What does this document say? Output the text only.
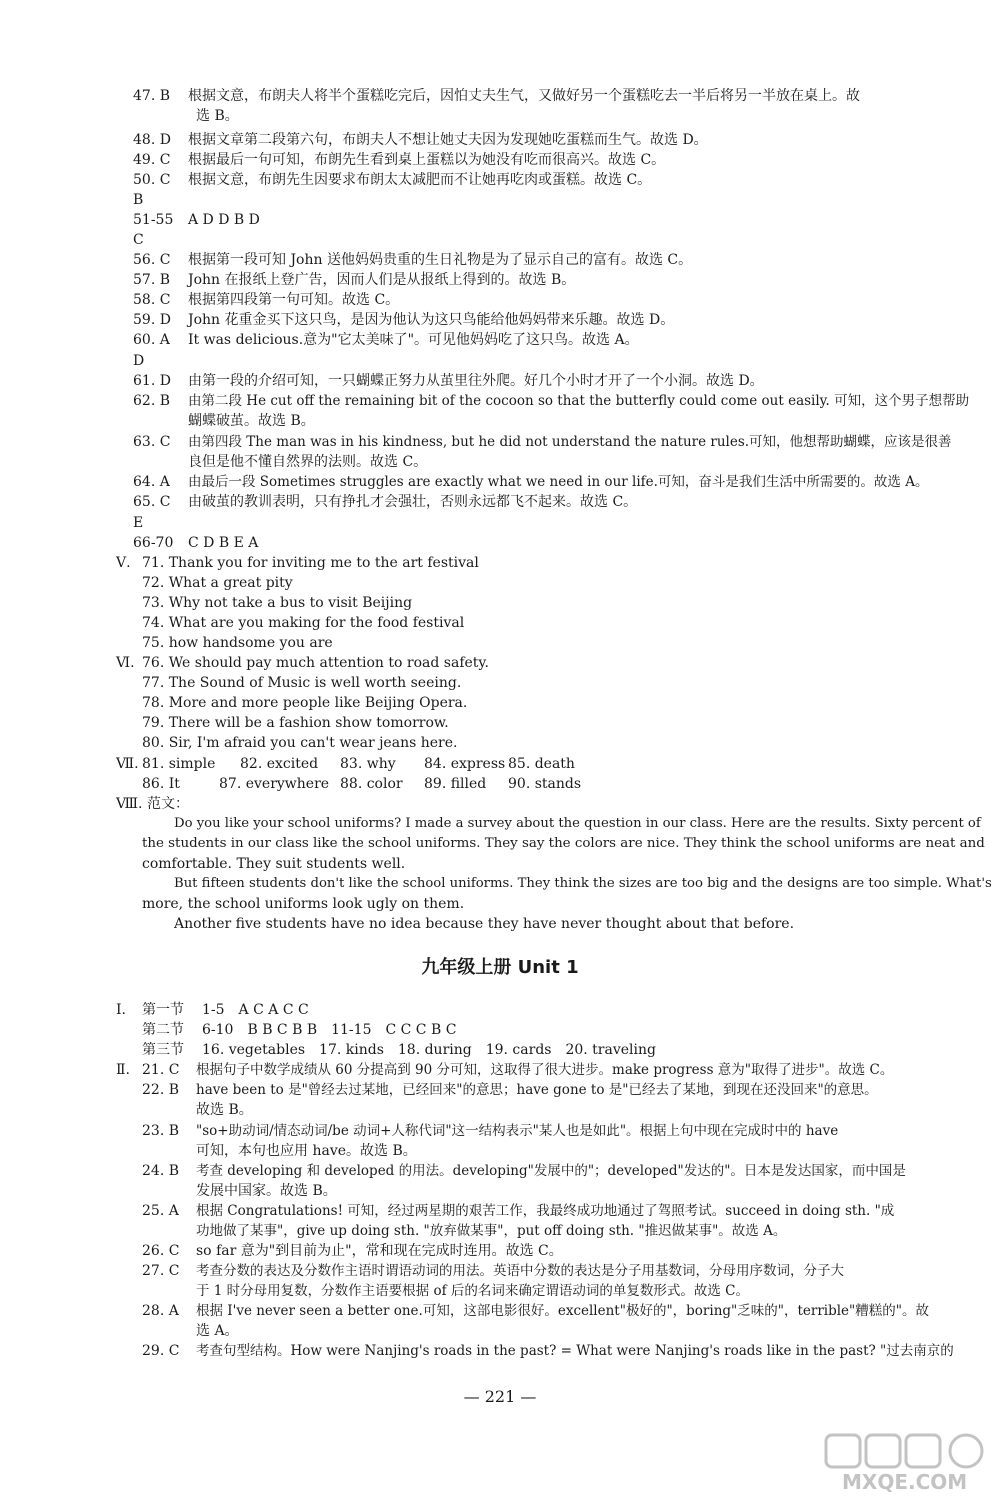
47. B	根据文意，布朗夫人将半个蛋糕吃完后，因怕丈夫生气，又做好另一个蛋糕吃去一半后将另一半放在桌上。故
选 B。
48. D	根据文章第二段第六句，布朗夫人不想让她丈夫因为发现她吃蛋糕而生气。故选 D。
49. C	根据最后一句可知，布朗先生看到桌上蛋糕以为她没有吃而很高兴。故选 C。
50. C	根据文意，布朗先生因要求布朗太太减肥而不让她再吃肉或蛋糕。故选 C。
B
51-55	A D D B D
C
56. C	根据第一段可知 John 送他妈妈贵重的生日礼物是为了显示自己的富有。故选 C。
57. B	John 在报纸上登广告，因而人们是从报纸上得到的。故选 B。
58. C	根据第四段第一句可知。故选 C。
59. D	John 花重金买下这只鸟，是因为他认为这只鸟能给他妈妈带来乐趣。故选 D。
60. A	It was delicious.意为"它太美味了"。可见他妈妈吃了这只鸟。故选 A。
D
61. D	由第一段的介绍可知，一只蝴蝶正努力从茧里往外爬。好几个小时才开了一个小洞。故选 D。
62. B	由第二段 He cut off the remaining bit of the cocoon so that the butterfly could come out easily. 可知，这个男子想帮助
蝴蝶破茧。故选 B。
63. C	由第四段 The man was in his kindness, but he did not understand the nature rules.可知，他想帮助蝴蝶，应该是很善
良但是他不懂自然界的法则。故选 C。
64. A	由最后一段 Sometimes struggles are exactly what we need in our life.可知，奋斗是我们生活中所需要的。故选 A。
65. C	由破茧的教训表明，只有挣扎才会强壮，否则永远都飞不起来。故选 C。
E
66-70	C D B E A
Ⅴ. 71. Thank you for inviting me to the art festival
72. What a great pity
73. Why not take a bus to visit Beijing
74. What are you making for the food festival
75. how handsome you are
Ⅵ. 76. We should pay much attention to road safety.
77. The Sound of Music is well worth seeing.
78. More and more people like Beijing Opera.
79. There will be a fashion show tomorrow.
80. Sir, I'm afraid you can't wear jeans here.
Ⅶ. 81. simple 82. excited 83. why 84. express 85. death
86. It	87. everywhere 88. color 89. filled 90. stands
Ⅷ. 范文：
Do you like your school uniforms? I made a survey about the question in our class. Here are the results. Sixty percent of
the students in our class like the school uniforms. They say the colors are nice. They think the school uniforms are neat and
comfortable. They suit students well.
But fifteen students don't like the school uniforms. They think the sizes are too big and the designs are too simple. What's
more, the school uniforms look ugly on them.
Another five students have no idea because they have never thought about that before.
九年级上册 Unit 1
Ⅰ. 第一节 1-5　A C A C C
第二节 6-10　B B C B B　11-15　C C C B C
第三节 16. vegetables　17. kinds　18. during　19. cards　20. traveling
Ⅱ. 21. C	根据句子中数学成绩从 60 分提高到 90 分可知，这取得了很大进步。make progress 意为"取得了进步"。故选 C。
22. B	have been to 是"曾经去过某地，已经回来"的意思；have gone to 是"已经去了某地，到现在还没回来"的意思。
故选 B。
23. B	"so+助动词/情态动词/be 动词+人称代词"这一结构表示"某人也是如此"。根据上句中现在完成时中的 have
可知，本句也应用 have。故选 B。
24. B	考查 developing 和 developed 的用法。developing"发展中的"；developed"发达的"。日本是发达国家，而中国是
发展中国家。故选 B。
25. A	根据 Congratulations! 可知，经过两星期的艰苦工作，我最终成功地通过了驾照考试。succeed in doing sth. "成
功地做了某事"，give up doing sth. "放弃做某事"，put off doing sth. "推迟做某事"。故选 A。
26. C	so far 意为"到目前为止"，常和现在完成时连用。故选 C。
27. C	考查分数的表达及分数作主语时谓语动词的用法。英语中分数的表达是分子用基数词，分母用序数词，分子大
于 1 时分母用复数，分数作主语要根据 of 后的名词来确定谓语动词的单复数形式。故选 C。
28. A	根据 I've never seen a better one.可知，这部电影很好。excellent"极好的"，boring"乏味的"，terrible"糟糕的"。故
选 A。
29. C	考查句型结构。How were Nanjing's roads in the past? = What were Nanjing's roads like in the past? "过去南京的
— 221 —
MXQE.COM
